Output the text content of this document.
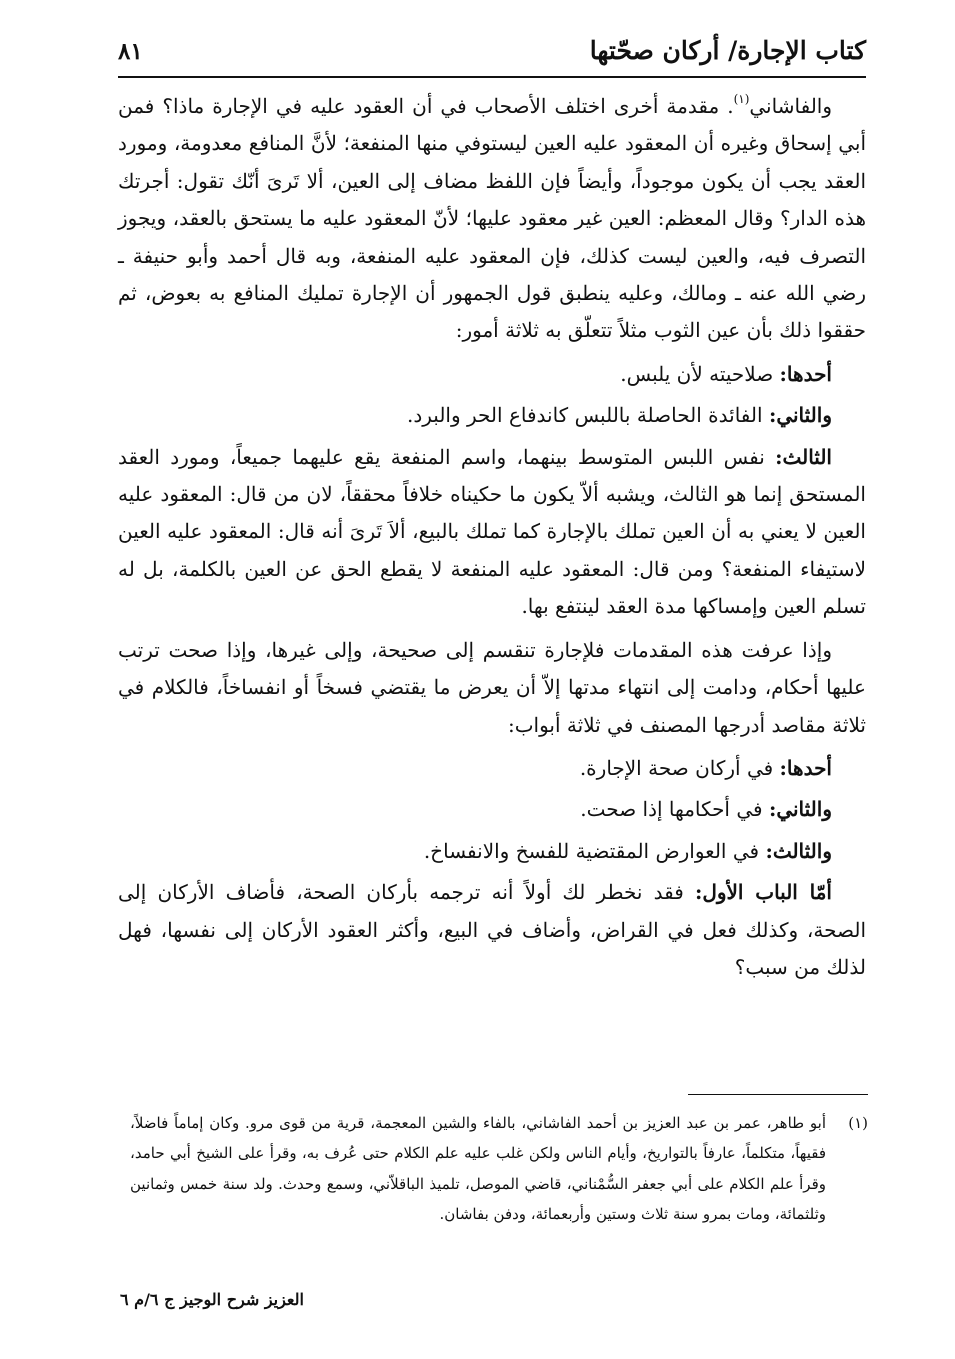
كتاب الإجارة/ أركان صحّتها
٨١

والفاشاني$^{(١)}$. مقدمة أخرى اختلف الأصحاب في أن العقود عليه في الإجارة ماذا؟ فمن أبي إسحاق وغيره أن المعقود عليه العين ليستوفي منها المنفعة؛ لأنَّ المنافع معدومة، ومورد العقد يجب أن يكون موجوداً، وأيضاً فإن اللفظ مضاف إلى العين، ألا تَرىَ أنّك تقول: أجرتك هذه الدار؟ وقال المعظم: العين غير معقود عليها؛ لأنّ المعقود عليه ما يستحق بالعقد، ويجوز التصرف فيه، والعين ليست كذلك، فإن المعقود عليه المنفعة، وبه قال أحمد وأبو حنيفة ـ رضي الله عنه ـ ومالك، وعليه ينطبق قول الجمهور أن الإجارة تمليك المنافع به بعوض، ثم حققوا ذلك بأن عين الثوب مثلاً تتعلّق به ثلاثة أمور:

أحدها: صلاحيته لأن يلبس.

والثاني: الفائدة الحاصلة باللبس كاندفاع الحر والبرد.

الثالث: نفس اللبس المتوسط بينهما، واسم المنفعة يقع عليهما جميعاً، ومورد العقد المستحق إنما هو الثالث، ويشبه ألاّ يكون ما حكيناه خلافاً محققاً، لان من قال: المعقود عليه العين لا يعني به أن العين تملك بالإجارة كما تملك بالبيع، ألاَ تَرىَ أنه قال: المعقود عليه العين لاستيفاء المنفعة؟ ومن قال: المعقود عليه المنفعة لا يقطع الحق عن العين بالكلمة، بل له تسلم العين وإمساكها مدة العقد لينتفع بها.

وإذا عرفت هذه المقدمات فلإجارة تنقسم إلى صحيحة، وإلى غيرها، وإذا صحت ترتب عليها أحكام، ودامت إلى انتهاء مدتها إلاّ أن يعرض ما يقتضي فسخاً أو انفساخاً، فالكلام في ثلاثة مقاصد أدرجها المصنف في ثلاثة أبواب:

أحدها: في أركان صحة الإجارة.

والثاني: في أحكامها إذا صحت.

والثالث: في العوارض المقتضية للفسخ والانفساخ.

أمّا الباب الأول: فقد نخطر لك أولاً أنه ترجمه بأركان الصحة، فأضاف الأركان إلى الصحة، وكذلك فعل في القراض، وأضاف في البيع، وأكثر العقود الأركان إلى نفسها، فهل لذلك من سبب؟

(١)
أبو طاهر، عمر بن عبد العزيز بن أحمد الفاشاني، بالفاء والشين المعجمة، قرية من قوى مرو. وكان إماماً فاضلاً، فقيهاً، متكلماً، عارفاً بالتواريخ، وأيام الناس ولكن غلب عليه علم الكلام حتى عُرف به، وقرأ على الشيخ أبي حامد، وقرأ علم الكلام على أبي جعفر السُّمْناني، قاضي الموصل، تلميذ الباقلاّني، وسمع وحدث. ولد سنة خمس وثمانين وثلثمائة، ومات بمرو سنة ثلاث وستين وأربعمائة، ودفن بفاشان.
العزيز شرح الوجيز ج ٦/م ٦
